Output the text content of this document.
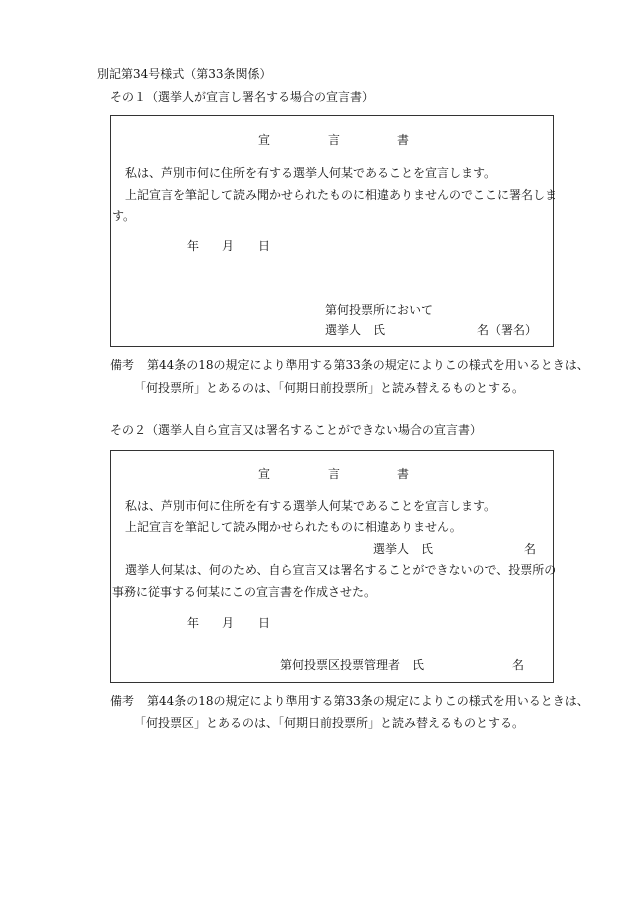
別記第34号様式（第33条関係）
その１（選挙人が宣言し署名する場合の宣言書）
宣	言	書
私は、芦別市何に住所を有する選挙人何某であることを宣言します。
上記宣言を筆記して読み聞かせられたものに相違ありませんのでここに署名しま
す。
年 月 日
第何投票所において
選挙人　氏	名（署名）
備考 第44条の18の規定により準用する第33条の規定によりこの様式を用いるときは、
「何投票所」とあるのは、「何期日前投票所」と読み替えるものとする。
その２（選挙人自ら宣言又は署名することができない場合の宣言書）
宣	言	書
私は、芦別市何に住所を有する選挙人何某であることを宣言します。
上記宣言を筆記して読み聞かせられたものに相違ありません。
選挙人　氏	名
選挙人何某は、何のため、自ら宣言又は署名することができないので、投票所の
事務に従事する何某にこの宣言書を作成させた。
年 月 日
第何投票区投票管理者　氏	名
備考 第44条の18の規定により準用する第33条の規定によりこの様式を用いるときは、
「何投票区」とあるのは、「何期日前投票所」と読み替えるものとする。
